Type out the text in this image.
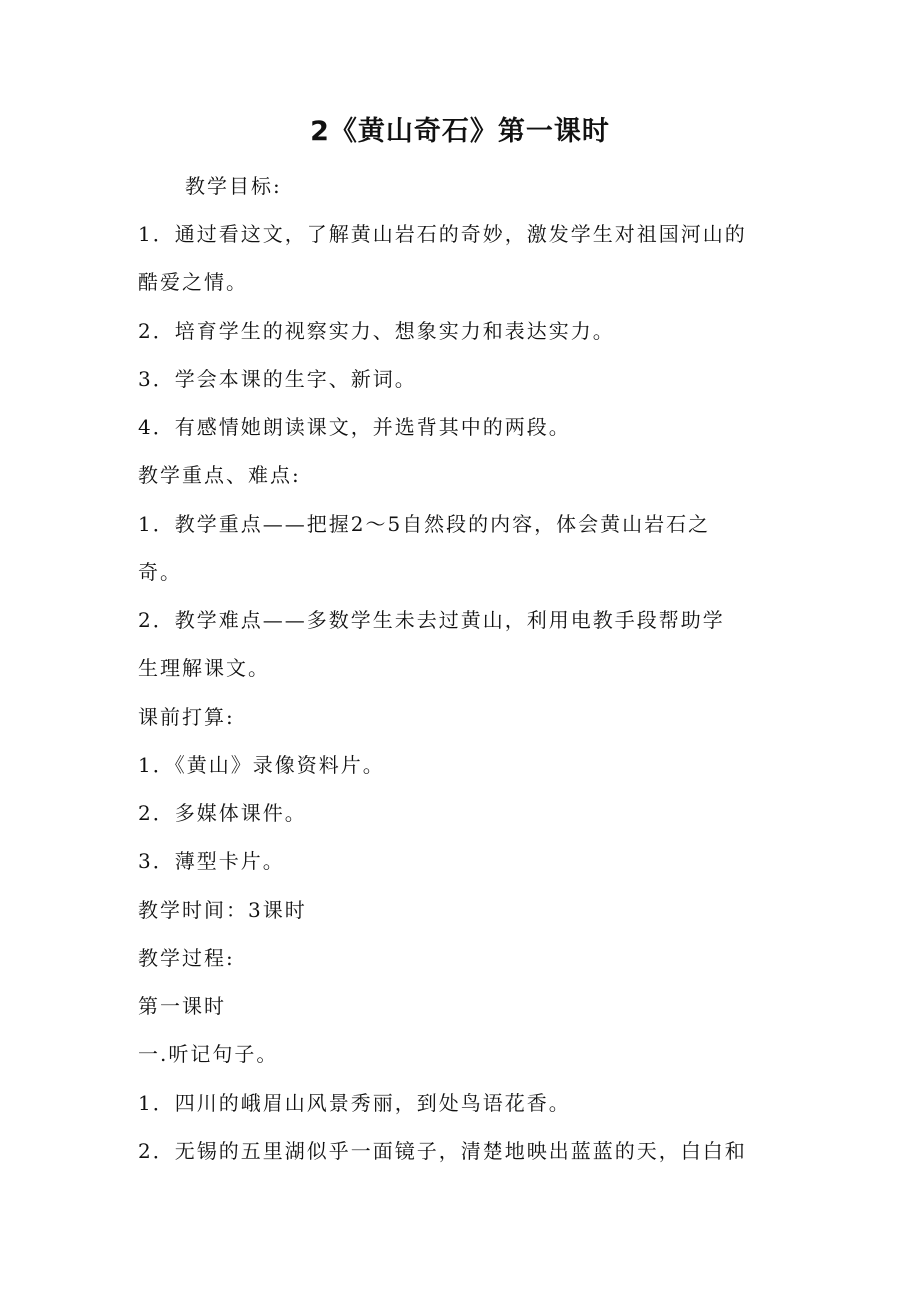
2《黄山奇石》第一课时
教学目标:
1．通过看这文，了解黄山岩石的奇妙，激发学生对祖国河山的
酷爱之情。
2．培育学生的视察实力、想象实力和表达实力。
3．学会本课的生字、新词。
4．有感情她朗读课文，并选背其中的两段。
教学重点、难点:
1．教学重点——把握2～5自然段的内容，体会黄山岩石之
奇。
2．教学难点——多数学生未去过黄山，利用电教手段帮助学
生理解课文。
课前打算:
1．《黄山》录像资料片。
2．多媒体课件。
3．薄型卡片。
教学时间：3课时
教学过程:
第一课时
一.听记句子。
1．四川的峨眉山风景秀丽，到处鸟语花香。
2．无锡的五里湖似乎一面镜子，清楚地映出蓝蓝的天，白白和
